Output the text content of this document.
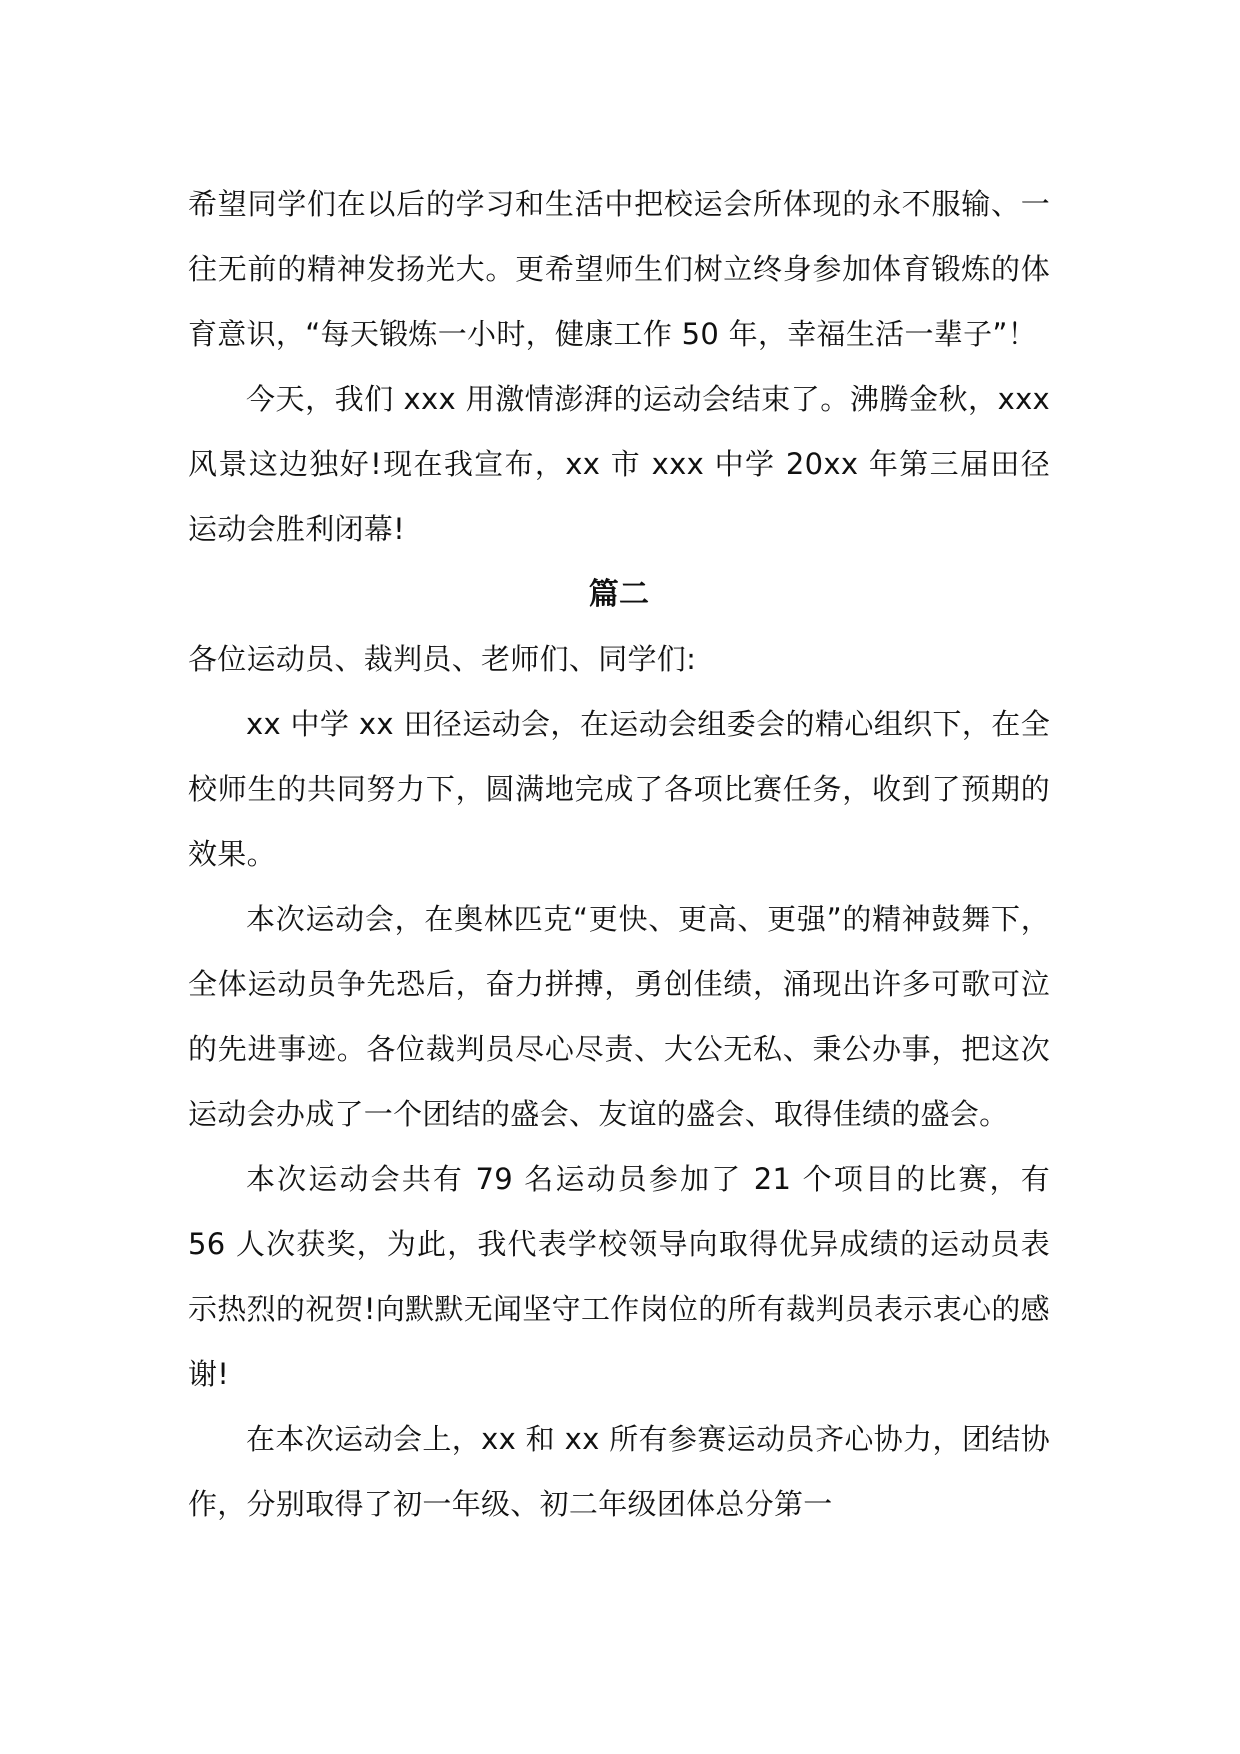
希望同学们在以后的学习和生活中把校运会所体现的永不服输、一往无前的精神发扬光大。更希望师生们树立终身参加体育锻炼的体育意识，“每天锻炼一小时，健康工作 50 年，幸福生活一辈子”！

今天，我们 xxx 用激情澎湃的运动会结束了。沸腾金秋，xxx 风景这边独好!现在我宣布，xx 市 xxx 中学 20xx 年第三届田径运动会胜利闭幕!

篇二

各位运动员、裁判员、老师们、同学们:

xx 中学 xx 田径运动会，在运动会组委会的精心组织下，在全校师生的共同努力下，圆满地完成了各项比赛任务，收到了预期的效果。

本次运动会，在奥林匹克“更快、更高、更强”的精神鼓舞下，全体运动员争先恐后，奋力拼搏，勇创佳绩，涌现出许多可歌可泣的先进事迹。各位裁判员尽心尽责、大公无私、秉公办事，把这次运动会办成了一个团结的盛会、友谊的盛会、取得佳绩的盛会。

本次运动会共有 79 名运动员参加了 21 个项目的比赛，有 56 人次获奖，为此，我代表学校领导向取得优异成绩的运动员表示热烈的祝贺!向默默无闻坚守工作岗位的所有裁判员表示衷心的感谢!

在本次运动会上，xx 和 xx 所有参赛运动员齐心协力，团结协作，分别取得了初一年级、初二年级团体总分第一
